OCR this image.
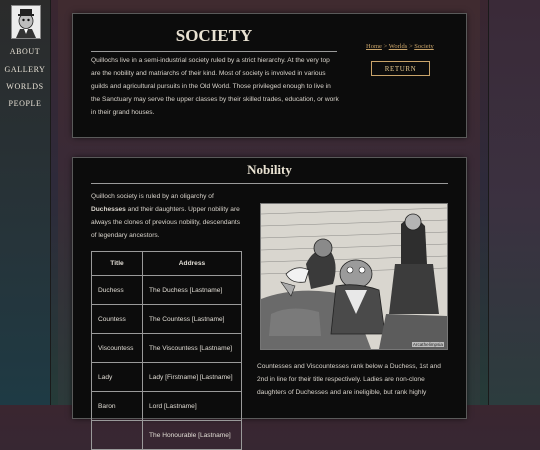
ABOUT
GALLERY
WORLDS
PEOPLE
SOCIETY
Quillochs live in a semi-industrial society ruled by a strict hierarchy. At the very top are the nobility and matriarchs of their kind. Most of society is involved in various guilds and agricultural pursuits in the Old World. Those privileged enough to live in the Sanctuary may serve the upper classes by their skilled trades, education, or work in their grand houses.
Home > Worlds > Society
RETURN
Nobility
Quilloch society is ruled by an oligarchy of Duchesses and their daughters. Upper nobility are always the clones of previous nobility, descendants of legendary ancestors.
Title	Address
Duchess	The Duchess [Lastname]
Countess	The Countess [Lastname]
Viscountess	The Viscountess [Lastname]
Lady	Lady [Firstname] [Lastname]
Baron	Lord [Lastname]
	The Honourable [Lastname]
Arcathelimpsia
Countesses and Viscountesses rank below a Duchess, 1st and 2nd in line for their title respectively. Ladies are non-clone daughters of Duchesses and are ineligible, but rank highly
